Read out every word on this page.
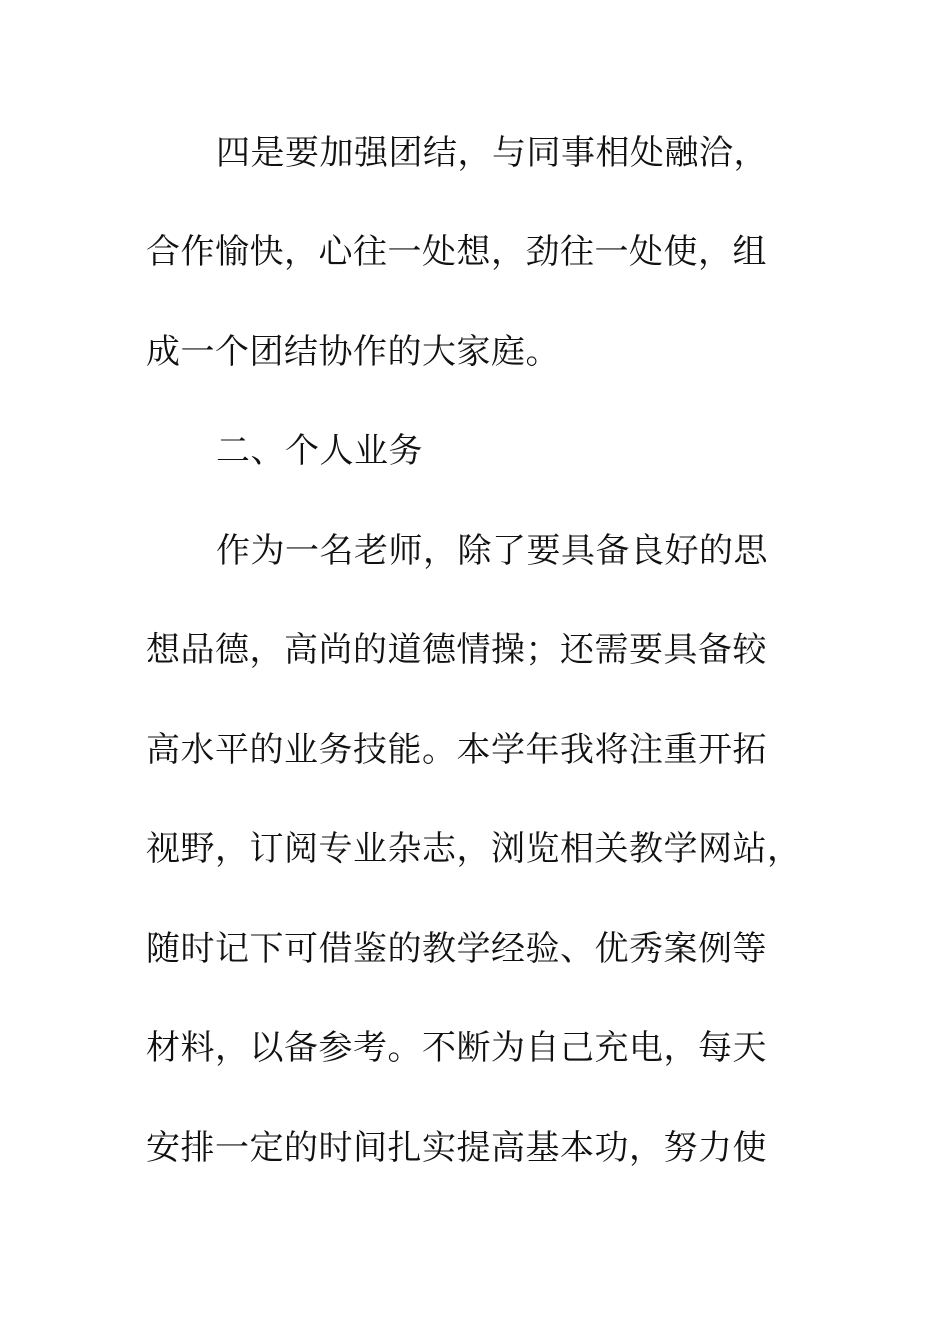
四是要加强团结，与同事相处融洽，
合作愉快，心往一处想，劲往一处使，组
成一个团结协作的大家庭。
二、个人业务
作为一名老师，除了要具备良好的思
想品德，高尚的道德情操；还需要具备较
高水平的业务技能。本学年我将注重开拓
视野，订阅专业杂志，浏览相关教学网站，
随时记下可借鉴的教学经验、优秀案例等
材料，以备参考。不断为自己充电，每天
安排一定的时间扎实提高基本功，努力使
